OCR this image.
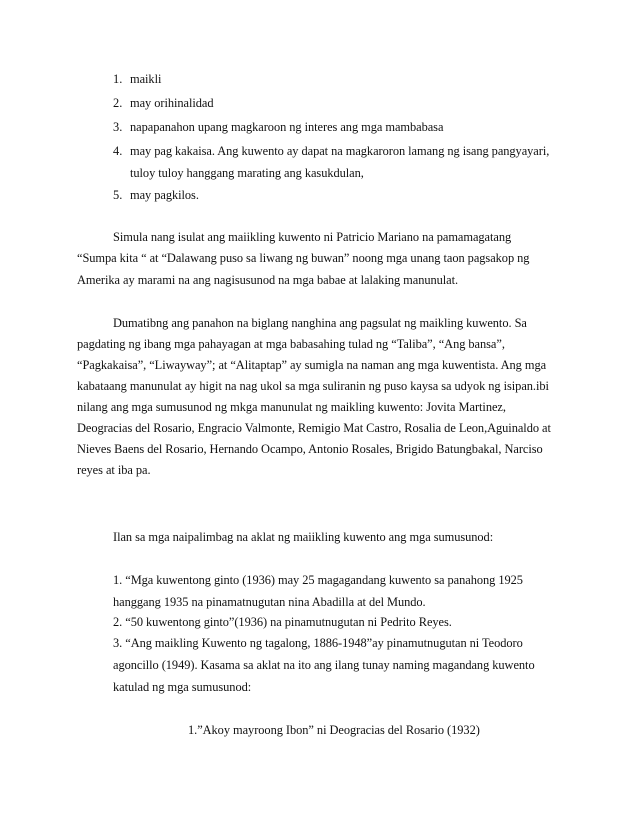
1. maikli
2. may orihinalidad
3. napapanahon upang magkaroon ng interes ang mga mambabasa
4. may pag kakaisa. Ang kuwento ay dapat na magkaroron lamang ng isang pangyayari,
tuloy tuloy hanggang marating ang kasukdulan,
5. may pagkilos.
Simula nang isulat ang maiikling kuwento ni Patricio Mariano na pamamagatang
“Sumpa kita “ at “Dalawang puso sa liwang ng buwan” noong mga unang taon pagsakop ng
Amerika ay marami na ang nagisusunod na mga babae at lalaking manunulat.
Dumatibng ang panahon na biglang nanghina ang pagsulat ng maikling kuwento. Sa
pagdating ng ibang mga pahayagan at mga babasahing tulad ng “Taliba”, “Ang bansa”,
“Pagkakaisa”, “Liwayway”; at “Alitaptap” ay sumigla na naman ang mga kuwentista. Ang mga
kabataang manunulat ay higit na nag ukol sa mga suliranin ng puso kaysa sa udyok ng isipan.ibi
nilang ang mga sumusunod ng mkga manunulat ng maikling kuwento: Jovita Martinez,
Deogracias del Rosario, Engracio Valmonte, Remigio Mat Castro, Rosalia de Leon,Aguinaldo at
Nieves Baens del Rosario, Hernando Ocampo, Antonio Rosales, Brigido Batungbakal, Narciso
reyes at iba pa.
Ilan sa mga naipalimbag na aklat ng maiikling kuwento ang mga sumusunod:
1. “Mga kuwentong ginto (1936) may 25 magagandang kuwento sa panahong 1925
hanggang 1935 na pinamatnugutan nina Abadilla at del Mundo.
2. “50 kuwentong ginto”(1936) na pinamutnugutan ni Pedrito Reyes.
3. “Ang maikling Kuwento ng tagalong, 1886-1948”ay pinamutnugutan ni Teodoro
agoncillo (1949). Kasama sa aklat na ito ang ilang tunay naming magandang kuwento
katulad ng mga sumusunod:
1.”Akoy mayroong Ibon” ni Deogracias del Rosario (1932)
